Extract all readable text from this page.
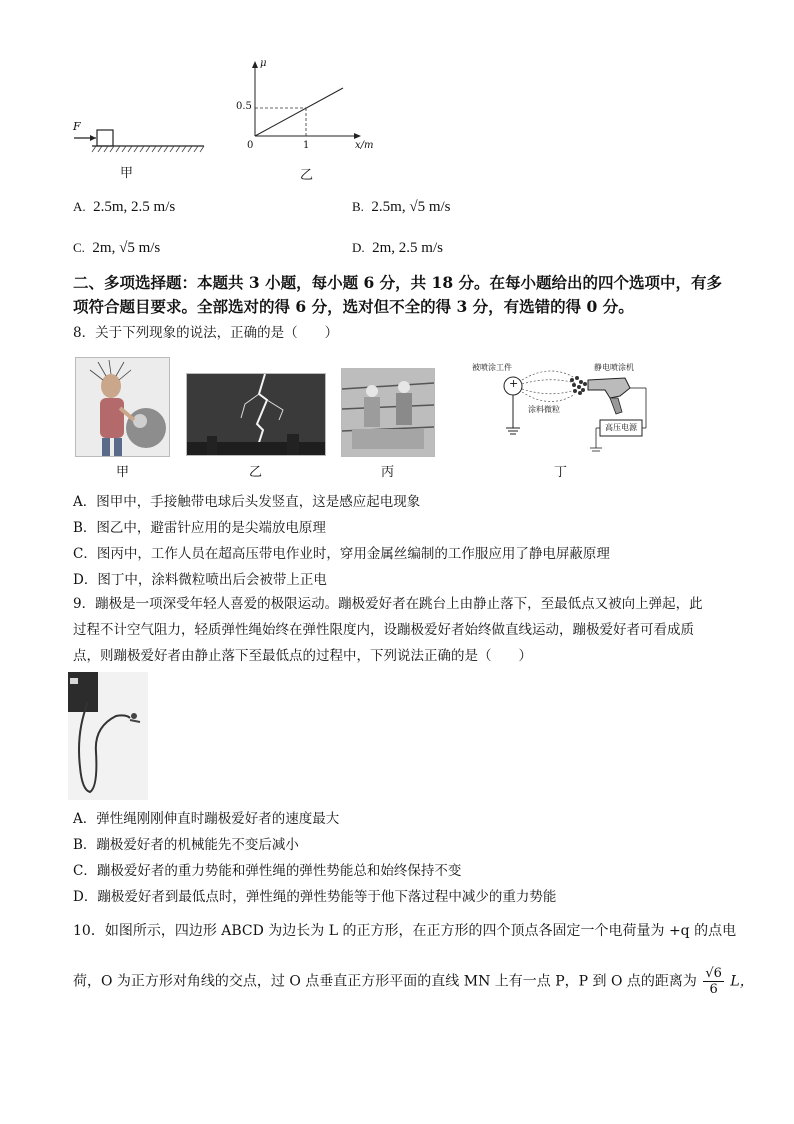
F
甲
μ
0.5
0	1	x/m
乙
A. 2.5m, 2.5 m/s	B. 2.5m, √5 m/s
C. 2m, √5 m/s	D. 2m, 2.5 m/s
二、多项选择题：本题共 3 小题，每小题 6 分，共 18 分。在每小题给出的四个选项中，有多
项符合题目要求。全部选对的得 6 分，选对但不全的得 3 分，有选错的得 0 分。
8．关于下列现象的说法，正确的是（　　）
甲	乙	丙
+
被喷涂工件	静电喷涂机
涂料微粒
高压电源
丁
A．图甲中，手接触带电球后头发竖直，这是感应起电现象
B．图乙中，避雷针应用的是尖端放电原理
C．图丙中，工作人员在超高压带电作业时，穿用金属丝编制的工作服应用了静电屏蔽原理
D．图丁中，涂料微粒喷出后会被带上正电
9．蹦极是一项深受年轻人喜爱的极限运动。蹦极爱好者在跳台上由静止落下，至最低点又被向上弹起，此
过程不计空气阻力，轻质弹性绳始终在弹性限度内，设蹦极爱好者始终做直线运动，蹦极爱好者可看成质
点，则蹦极爱好者由静止落下至最低点的过程中，下列说法正确的是（　　）
A．弹性绳刚刚伸直时蹦极爱好者的速度最大
B．蹦极爱好者的机械能先不变后减小
C．蹦极爱好者的重力势能和弹性绳的弹性势能总和始终保持不变
D．蹦极爱好者到最低点时，弹性绳的弹性势能等于他下落过程中减少的重力势能
10．如图所示，四边形 ABCD 为边长为 L 的正方形，在正方形的四个顶点各固定一个电荷量为 +q 的点电
荷，O 为正方形对角线的交点，过 O 点垂直正方形平面的直线 MN 上有一点 P，P 到 O 点的距离为 $\frac{√6}{6}$ L，
